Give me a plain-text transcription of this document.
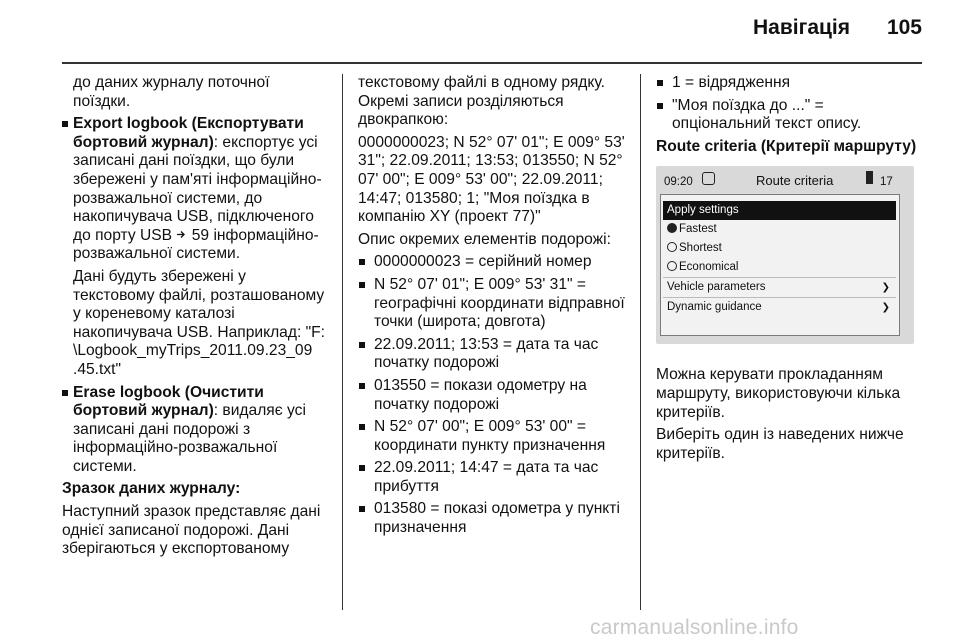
Навігація 105

до даних журналу поточної поїздки.

Export logbook (Експортувати бортовий журнал): експортує усі записані дані поїздки, що були збережені у пам'яті інформаційно-розважальної системи, до накопичувача USB, підключеного до порту USB 59 інформаційно-розважальної системи.

Дані будуть збережені у текстовому файлі, розташованому у кореневому каталозі накопичувача USB. Наприклад: "F:
\Logbook_myTrips_2011.09.23_09
.45.txt"

Erase logbook (Очистити бортовий журнал): видаляє усі записані дані подорожі з інформаційно-розважальної системи.

Зразок даних журналу:

Наступний зразок представляє дані однієї записаної подорожі. Дані зберігаються у експортованому

текстовому файлі в одному рядку. Окремі записи розділяються двокрапкою:

0000000023; N 52° 07' 01"; E 009° 53' 31"; 22.09.2011; 13:53; 013550; N 52° 07' 00"; E 009° 53' 00"; 22.09.2011; 14:47; 013580; 1; "Моя поїздка в компанію XY (проект 77)"

Опис окремих елементів подорожі:

0000000023 = серійний номер
N 52° 07' 01"; E 009° 53' 31" = географічні координати відправної точки (широта; довгота)
22.09.2011; 13:53 = дата та час початку подорожі
013550 = покази одометру на початку подорожі
N 52° 07' 00"; E 009° 53' 00" = координати пункту призначення
22.09.2011; 14:47 = дата та час прибуття
013580 = показі одометра у пункті призначення
1 = відрядження
"Моя поїздка до ..." = опціональний текст опису.

Route criteria (Критерії маршруту)

09:20	Route criteria	17
Apply settings
Fastest
Shortest
Economical
Vehicle parameters	❯
Dynamic guidance	❯

Можна керувати прокладанням маршруту, використовуючи кілька критеріїв.

Виберіть один із наведених нижче критеріїв.

carmanualsonline.info
